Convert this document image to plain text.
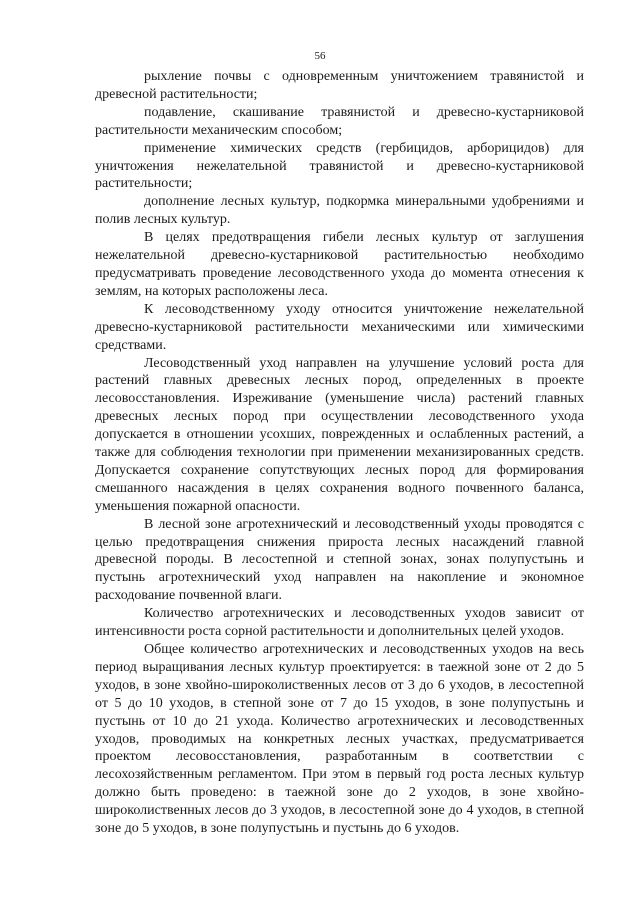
56

рыхление почвы с одновременным уничтожением травянистой и древесной растительности;

подавление, скашивание травянистой и древесно-кустарниковой растительности механическим способом;

применение химических средств (гербицидов, арборицидов) для уничтожения нежелательной травянистой и древесно-кустарниковой растительности;

дополнение лесных культур, подкормка минеральными удобрениями и полив лесных культур.

В целях предотвращения гибели лесных культур от заглушения нежелательной древесно-кустарниковой растительностью необходимо предусматривать проведение лесоводственного ухода до момента отнесения к землям, на которых расположены леса.

К лесоводственному уходу относится уничтожение нежелательной древесно-кустарниковой растительности механическими или химическими средствами.

Лесоводственный уход направлен на улучшение условий роста для растений главных древесных лесных пород, определенных в проекте лесовосстановления. Изреживание (уменьшение числа) растений главных древесных лесных пород при осуществлении лесоводственного ухода допускается в отношении усохших, поврежденных и ослабленных растений, а также для соблюдения технологии при применении механизированных средств. Допускается сохранение сопутствующих лесных пород для формирования смешанного насаждения в целях сохранения водного почвенного баланса, уменьшения пожарной опасности.

В лесной зоне агротехнический и лесоводственный уходы проводятся с целью предотвращения снижения прироста лесных насаждений главной древесной породы. В лесостепной и степной зонах, зонах полупустынь и пустынь агротехнический уход направлен на накопление и экономное расходование почвенной влаги.

Количество агротехнических и лесоводственных уходов зависит от интенсивности роста сорной растительности и дополнительных целей уходов.

Общее количество агротехнических и лесоводственных уходов на весь период выращивания лесных культур проектируется: в таежной зоне от 2 до 5 уходов, в зоне хвойно-широколиственных лесов от 3 до 6 уходов, в лесостепной от 5 до 10 уходов, в степной зоне от 7 до 15 уходов, в зоне полупустынь и пустынь от 10 до 21 ухода. Количество агротехнических и лесоводственных уходов, проводимых на конкретных лесных участках, предусматривается проектом лесовосстановления, разработанным в соответствии с лесохозяйственным регламентом. При этом в первый год роста лесных культур должно быть проведено: в таежной зоне до 2 уходов, в зоне хвойно-широколиственных лесов до 3 уходов, в лесостепной зоне до 4 уходов, в степной зоне до 5 уходов, в зоне полупустынь и пустынь до 6 уходов.
